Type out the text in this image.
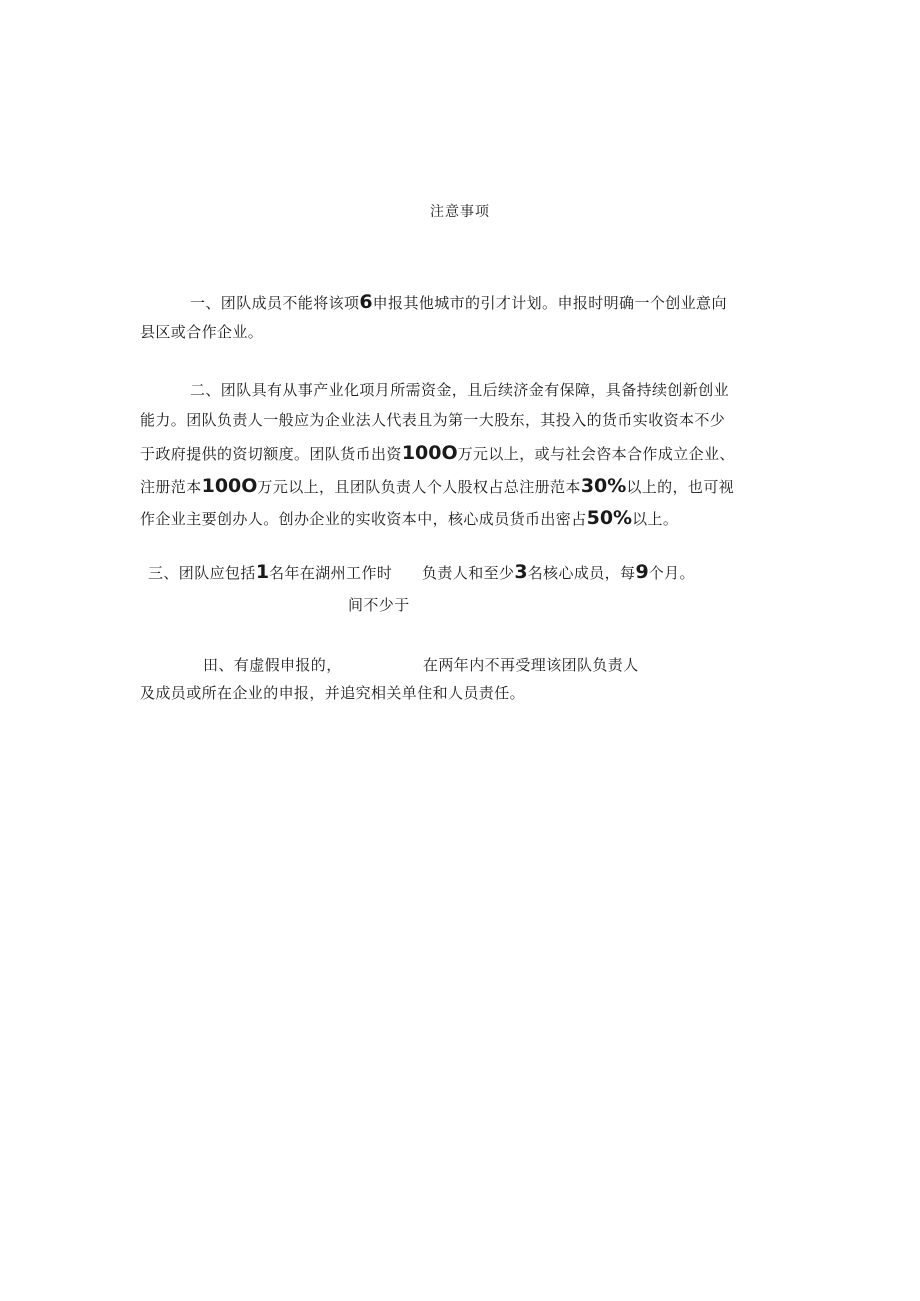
注意事项
一、团队成员不能将该项6申报其他城市的引才计划。申报时明确一个创业意向
县区或合作企业。
二、团队具有从事产业化项月所需资金，且后续济金有保障，具备持续创新创业
能力。团队负责人一般应为企业法人代表且为第一大股东，其投入的货币实收资本不少
于政府提供的资切额度。团队货币出资100O万元以上，或与社会咨本合作成立企业、
注册范本100O万元以上，且团队负责人个人股权占总注册范本30%以上的，也可视
作企业主要创办人。创办企业的实收资本中，核心成员货币出密占50%以上。
三、团队应包括1名年在湖州工作时 负责人和至少3名核心成员，每9个月。
间不少于
田、有虚假申报的，	在两年内不再受理该团队负责人
及成员或所在企业的申报，并追究相关单住和人员责任。
